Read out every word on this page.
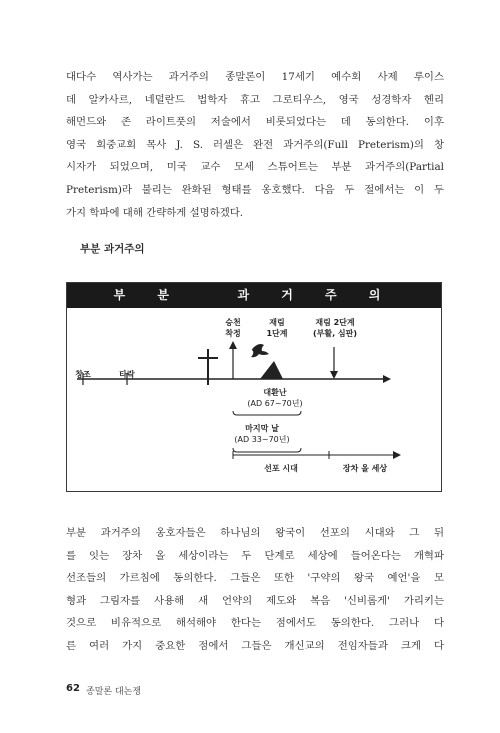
대다수 역사가는 과거주의 종말론이 17세기 예수회 사제 루이스
데 알카사르, 네덜란드 법학자 휴고 그로티우스, 영국 성경학자 헨리
해먼드와 존 라이트풋의 저술에서 비롯되었다는 데 동의한다. 이후
영국 회중교회 목사 J. S. 러셀은 완전 과거주의(Full Preterism)의 창
시자가 되었으며, 미국 교수 모세 스튜어트는 부분 과거주의(Partial
Preterism)라 불리는 완화된 형태를 옹호했다. 다음 두 절에서는 이 두
가지 학파에 대해 간략하게 설명하겠다.
부분 과거주의
부 분   과 거 주 의
창조	타락
승천
착정
재림
1단계
재림 2단계
(부활, 심판)
대환난
(AD 67~70년)
마지막 날
(AD 33~70년)
선포 시대	장차 올 세상
부분 과거주의 옹호자들은 하나님의 왕국이 선포의 시대와 그 뒤
를 잇는 장차 올 세상이라는 두 단계로 세상에 들어온다는 개혁파
선조들의 가르침에 동의한다. 그들은 또한 '구약의 왕국 예언'을 모
형과 그림자를 사용해 새 언약의 제도와 복음 '신비롭게' 가리키는
것으로 비유적으로 해석해야 한다는 점에서도 동의한다. 그러나 다
른 여러 가지 중요한 점에서 그들은 개신교의 전임자들과 크게 다
62 종말론 대논쟁
